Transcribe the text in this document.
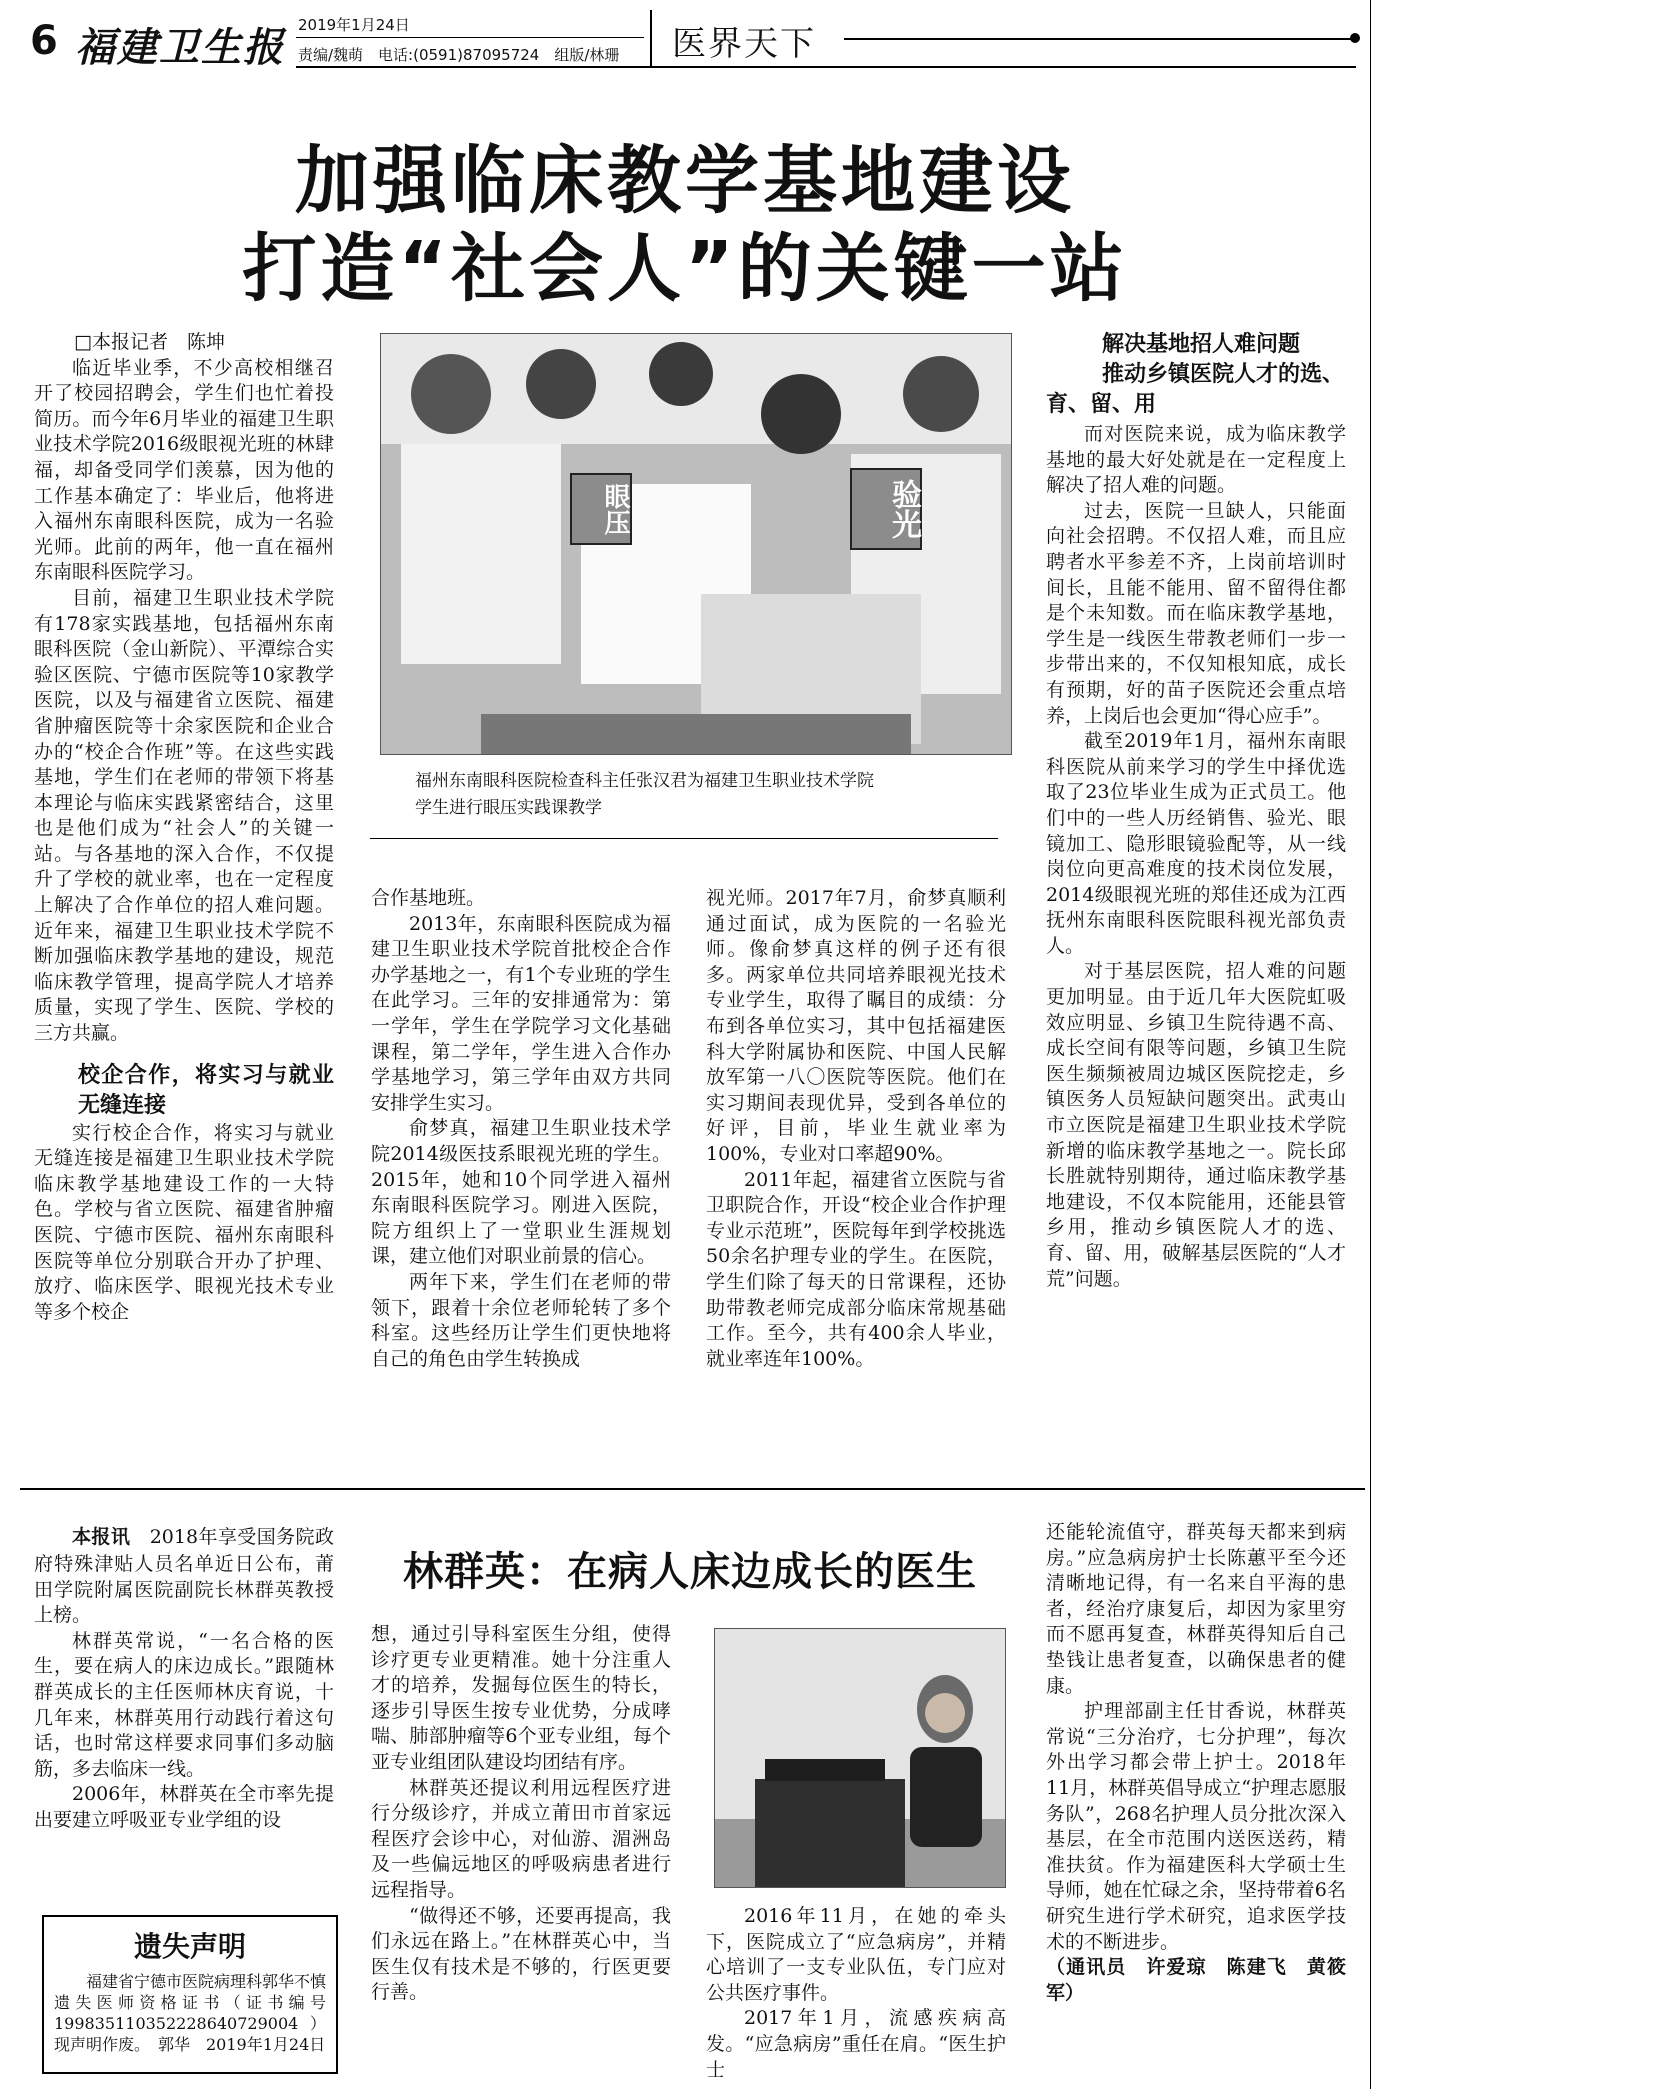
6 福建卫生报 2019年1月24日
责编/魏萌　电话:(0591)87095724　组版/林珊 医界天下
加强临床教学基地建设
打造“社会人”的关键一站

□本报记者　陈坤

临近毕业季，不少高校相继召开了校园招聘会，学生们也忙着投简历。而今年6月毕业的福建卫生职业技术学院2016级眼视光班的林肆福，却备受同学们羡慕，因为他的工作基本确定了：毕业后，他将进入福州东南眼科医院，成为一名验光师。此前的两年，他一直在福州东南眼科医院学习。

目前，福建卫生职业技术学院有178家实践基地，包括福州东南眼科医院（金山新院）、平潭综合实验区医院、宁德市医院等10家教学医院，以及与福建省立医院、福建省肿瘤医院等十余家医院和企业合办的“校企合作班”等。在这些实践基地，学生们在老师的带领下将基本理论与临床实践紧密结合，这里也是他们成为“社会人”的关键一站。与各基地的深入合作，不仅提升了学校的就业率，也在一定程度上解决了合作单位的招人难问题。近年来，福建卫生职业技术学院不断加强临床教学基地的建设，规范临床教学管理，提高学院人才培养质量，实现了学生、医院、学校的三方共赢。

校企合作，将实习与就业无缝连接

实行校企合作，将实习与就业无缝连接是福建卫生职业技术学院临床教学基地建设工作的一大特色。学校与省立医院、福建省肿瘤医院、宁德市医院、福州东南眼科医院等单位分别联合开办了护理、放疗、临床医学、眼视光技术专业等多个校企

眼压	验光
福州东南眼科医院检查科主任张汉君为福建卫生职业技术学院
学生进行眼压实践课教学

合作基地班。

2013年，东南眼科医院成为福建卫生职业技术学院首批校企合作办学基地之一，有1个专业班的学生在此学习。三年的安排通常为：第一学年，学生在学院学习文化基础课程，第二学年，学生进入合作办学基地学习，第三学年由双方共同安排学生实习。

俞梦真，福建卫生职业技术学院2014级医技系眼视光班的学生。2015年，她和10个同学进入福州东南眼科医院学习。刚进入医院，院方组织上了一堂职业生涯规划课，建立他们对职业前景的信心。

两年下来，学生们在老师的带领下，跟着十余位老师轮转了多个科室。这些经历让学生们更快地将自己的角色由学生转换成

视光师。2017年7月，俞梦真顺利通过面试，成为医院的一名验光师。像俞梦真这样的例子还有很多。两家单位共同培养眼视光技术专业学生，取得了瞩目的成绩：分布到各单位实习，其中包括福建医科大学附属协和医院、中国人民解放军第一八〇医院等医院。他们在实习期间表现优异，受到各单位的好评，目前，毕业生就业率为100%，专业对口率超90%。

2011年起，福建省立医院与省卫职院合作，开设“校企业合作护理专业示范班”，医院每年到学校挑选50余名护理专业的学生。在医院，学生们除了每天的日常课程，还协助带教老师完成部分临床常规基础工作。至今，共有400余人毕业，就业率连年100%。

解决基地招人难问题
推动乡镇医院人才的选、育、留、用

而对医院来说，成为临床教学基地的最大好处就是在一定程度上解决了招人难的问题。

过去，医院一旦缺人，只能面向社会招聘。不仅招人难，而且应聘者水平参差不齐，上岗前培训时间长，且能不能用、留不留得住都是个未知数。而在临床教学基地，学生是一线医生带教老师们一步一步带出来的，不仅知根知底，成长有预期，好的苗子医院还会重点培养，上岗后也会更加“得心应手”。

截至2019年1月，福州东南眼科医院从前来学习的学生中择优选取了23位毕业生成为正式员工。他们中的一些人历经销售、验光、眼镜加工、隐形眼镜验配等，从一线岗位向更高难度的技术岗位发展，2014级眼视光班的郑佳还成为江西抚州东南眼科医院眼科视光部负责人。

对于基层医院，招人难的问题更加明显。由于近几年大医院虹吸效应明显、乡镇卫生院待遇不高、成长空间有限等问题，乡镇卫生院医生频频被周边城区医院挖走，乡镇医务人员短缺问题突出。武夷山市立医院是福建卫生职业技术学院新增的临床教学基地之一。院长邱长胜就特别期待，通过临床教学基地建设，不仅本院能用，还能县管乡用，推动乡镇医院人才的选、育、留、用，破解基层医院的“人才荒”问题。

林群英：在病人床边成长的医生

本报讯　 2018年享受国务院政府特殊津贴人员名单近日公布，莆田学院附属医院副院长林群英教授上榜。

林群英常说，“一名合格的医生，要在病人的床边成长。”跟随林群英成长的主任医师林庆育说，十几年来，林群英用行动践行着这句话，也时常这样要求同事们多动脑筋，多去临床一线。

2006年，林群英在全市率先提出要建立呼吸亚专业学组的设

遗失声明
福建省宁德市医院病理科郭华不慎遗失医师资格证书（证书编号199835110352228640729004）现声明作废。　郭华　2019年1月24日

想，通过引导科室医生分组，使得诊疗更专业更精准。她十分注重人才的培养，发掘每位医生的特长，逐步引导医生按专业优势，分成哮喘、肺部肿瘤等6个亚专业组，每个亚专业组团队建设均团结有序。

林群英还提议利用远程医疗进行分级诊疗，并成立莆田市首家远程医疗会诊中心，对仙游、湄洲岛及一些偏远地区的呼吸病患者进行远程指导。

“做得还不够，还要再提高，我们永远在路上。”在林群英心中，当医生仅有技术是不够的，行医更要行善。

2016年11月，在她的牵头下，医院成立了“应急病房”，并精心培训了一支专业队伍，专门应对公共医疗事件。

2017年1月，流感疾病高发。“应急病房”重任在肩。“医生护士

还能轮流值守，群英每天都来到病房。”应急病房护士长陈蕙平至今还清晰地记得，有一名来自平海的患者，经治疗康复后，却因为家里穷而不愿再复查，林群英得知后自己垫钱让患者复查，以确保患者的健康。

护理部副主任甘香说，林群英常说“三分治疗，七分护理”，每次外出学习都会带上护士。2018年11月，林群英倡导成立“护理志愿服务队”，268名护理人员分批次深入基层，在全市范围内送医送药，精准扶贫。作为福建医科大学硕士生导师，她在忙碌之余，坚持带着6名研究生进行学术研究，追求医学技术的不断进步。

（通讯员　许爱琼　陈建飞　黄筱军）
